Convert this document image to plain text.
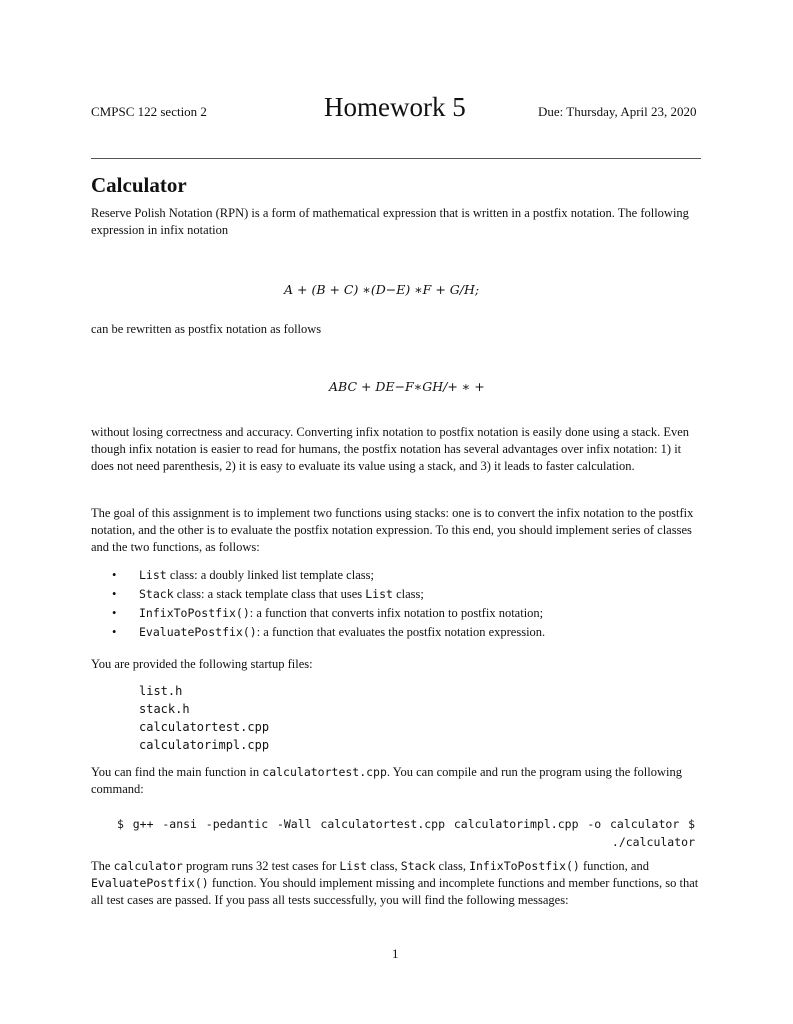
CMPSC 122 section 2	Homework 5	Due: Thursday, April 23, 2020
Calculator

Reserve Polish Notation (RPN) is a form of mathematical expression that is written in a postfix notation. The following expression in infix notation

A + (B + C) ∗(D−E) ∗F + G/H;

can be rewritten as postfix notation as follows

ABC + DE−F∗GH/+ ∗ +

without losing correctness and accuracy. Converting infix notation to postfix notation is easily done using a stack. Even though infix notation is easier to read for humans, the postfix notation has several advantages over infix notation: 1) it does not need parenthesis, 2) it is easy to evaluate its value using a stack, and 3) it leads to faster calculation.

The goal of this assignment is to implement two functions using stacks: one is to convert the infix notation to the postfix notation, and the other is to evaluate the postfix notation expression. To this end, you should implement series of classes and the two functions, as follows:

• List class: a doubly linked list template class;
• Stack class: a stack template class that uses List class;
• InfixToPostfix(): a function that converts infix notation to postfix notation;
• EvaluatePostfix(): a function that evaluates the postfix notation expression.

You are provided the following startup files:

list.h
stack.h
calculatortest.cpp
calculatorimpl.cpp

You can find the main function in calculatortest.cpp. You can compile and run the program using the following command:

$ g++ -ansi -pedantic -Wall calculatortest.cpp calculatorimpl.cpp -o calculator $ ./calculator

The calculator program runs 32 test cases for List class, Stack class, InfixToPostfix() function, and EvaluatePostfix() function. You should implement missing and incomplete functions and member functions, so that all test cases are passed. If you pass all tests successfully, you will find the following messages:

1
